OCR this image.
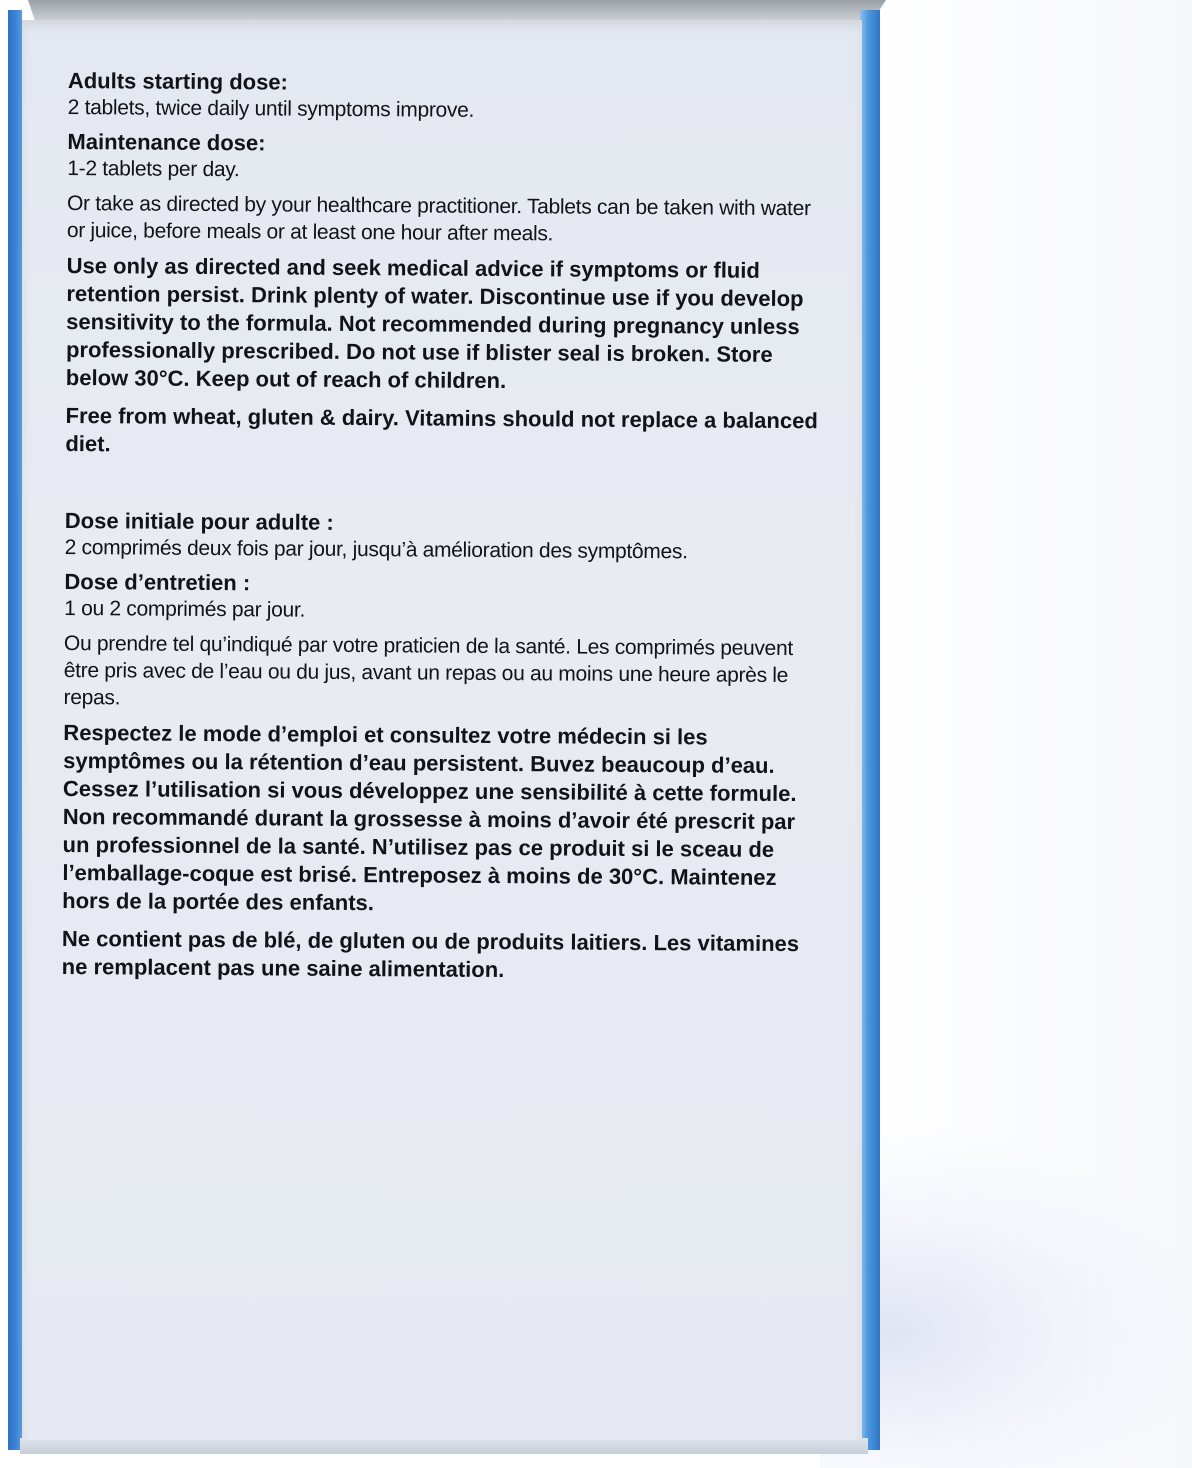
Adults starting dose:

2 tablets, twice daily until symptoms improve.

Maintenance dose:

1-2 tablets per day.

Or take as directed by your healthcare practitioner. Tablets can be taken with water or juice, before meals or at least one hour after meals.

Use only as directed and seek medical advice if symptoms or fluid retention persist. Drink plenty of water. Discontinue use if you develop sensitivity to the formula. Not recommended during pregnancy unless professionally prescribed. Do not use if blister seal is broken. Store below 30°C. Keep out of reach of children.

Free from wheat, gluten & dairy. Vitamins should not replace a balanced diet.

Dose initiale pour adulte :

2 comprimés deux fois par jour, jusqu’à amélioration des symptômes.

Dose d’entretien :

1 ou 2 comprimés par jour.

Ou prendre tel qu’indiqué par votre praticien de la santé. Les comprimés peuvent être pris avec de l’eau ou du jus, avant un repas ou au moins une heure après le repas.

Respectez le mode d’emploi et consultez votre médecin si les symptômes ou la rétention d’eau persistent. Buvez beaucoup d’eau. Cessez l’utilisation si vous développez une sensibilité à cette formule. Non recommandé durant la grossesse à moins d’avoir été prescrit par un professionnel de la santé. N’utilisez pas ce produit si le sceau de l’emballage-coque est brisé. Entreposez à moins de 30°C. Maintenez hors de la portée des enfants.

Ne contient pas de blé, de gluten ou de produits laitiers. Les vitamines ne remplacent pas une saine alimentation.
